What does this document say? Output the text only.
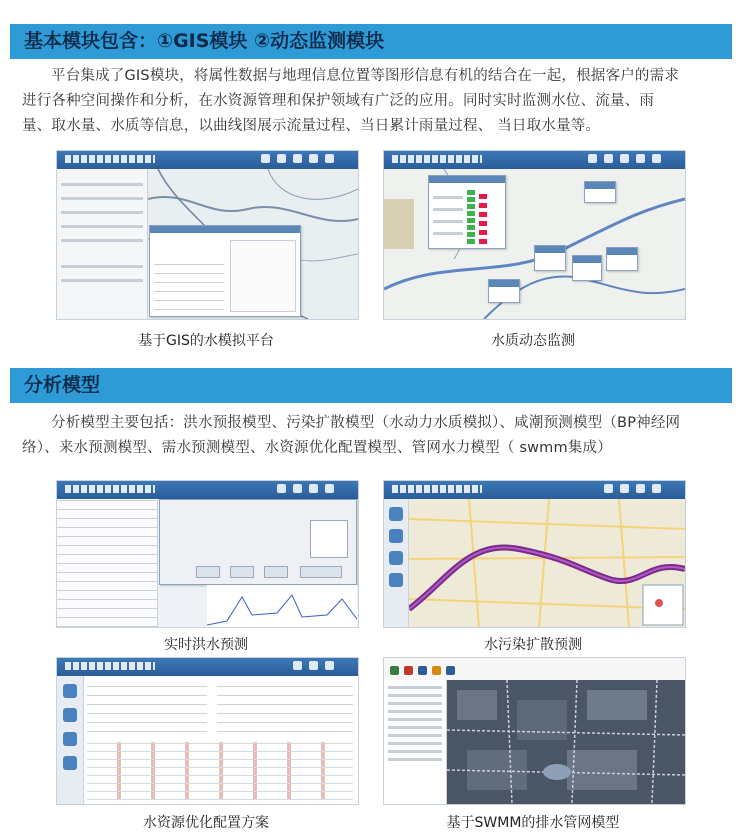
基本模块包含：①GIS模块 ②动态监测模块
平台集成了GIS模块，将属性数据与地理信息位置等图形信息有机的结合在一起，根据客户的需求
进行各种空间操作和分析，在水资源管理和保护领域有广泛的应用。同时实时监测水位、流量、雨
量、取水量、水质等信息，以曲线图展示流量过程、当日累计雨量过程、 当日取水量等。
基于GIS的水模拟平台	水质动态监测
分析模型
分析模型主要包括：洪水预报模型、污染扩散模型（水动力水质模拟）、咸潮预测模型（BP神经网
络）、来水预测模型、需水预测模型、水资源优化配置模型、管网水力模型（ swmm集成）
实时洪水预测	水污染扩散预测
水资源优化配置方案	基于SWMM的排水管网模型
